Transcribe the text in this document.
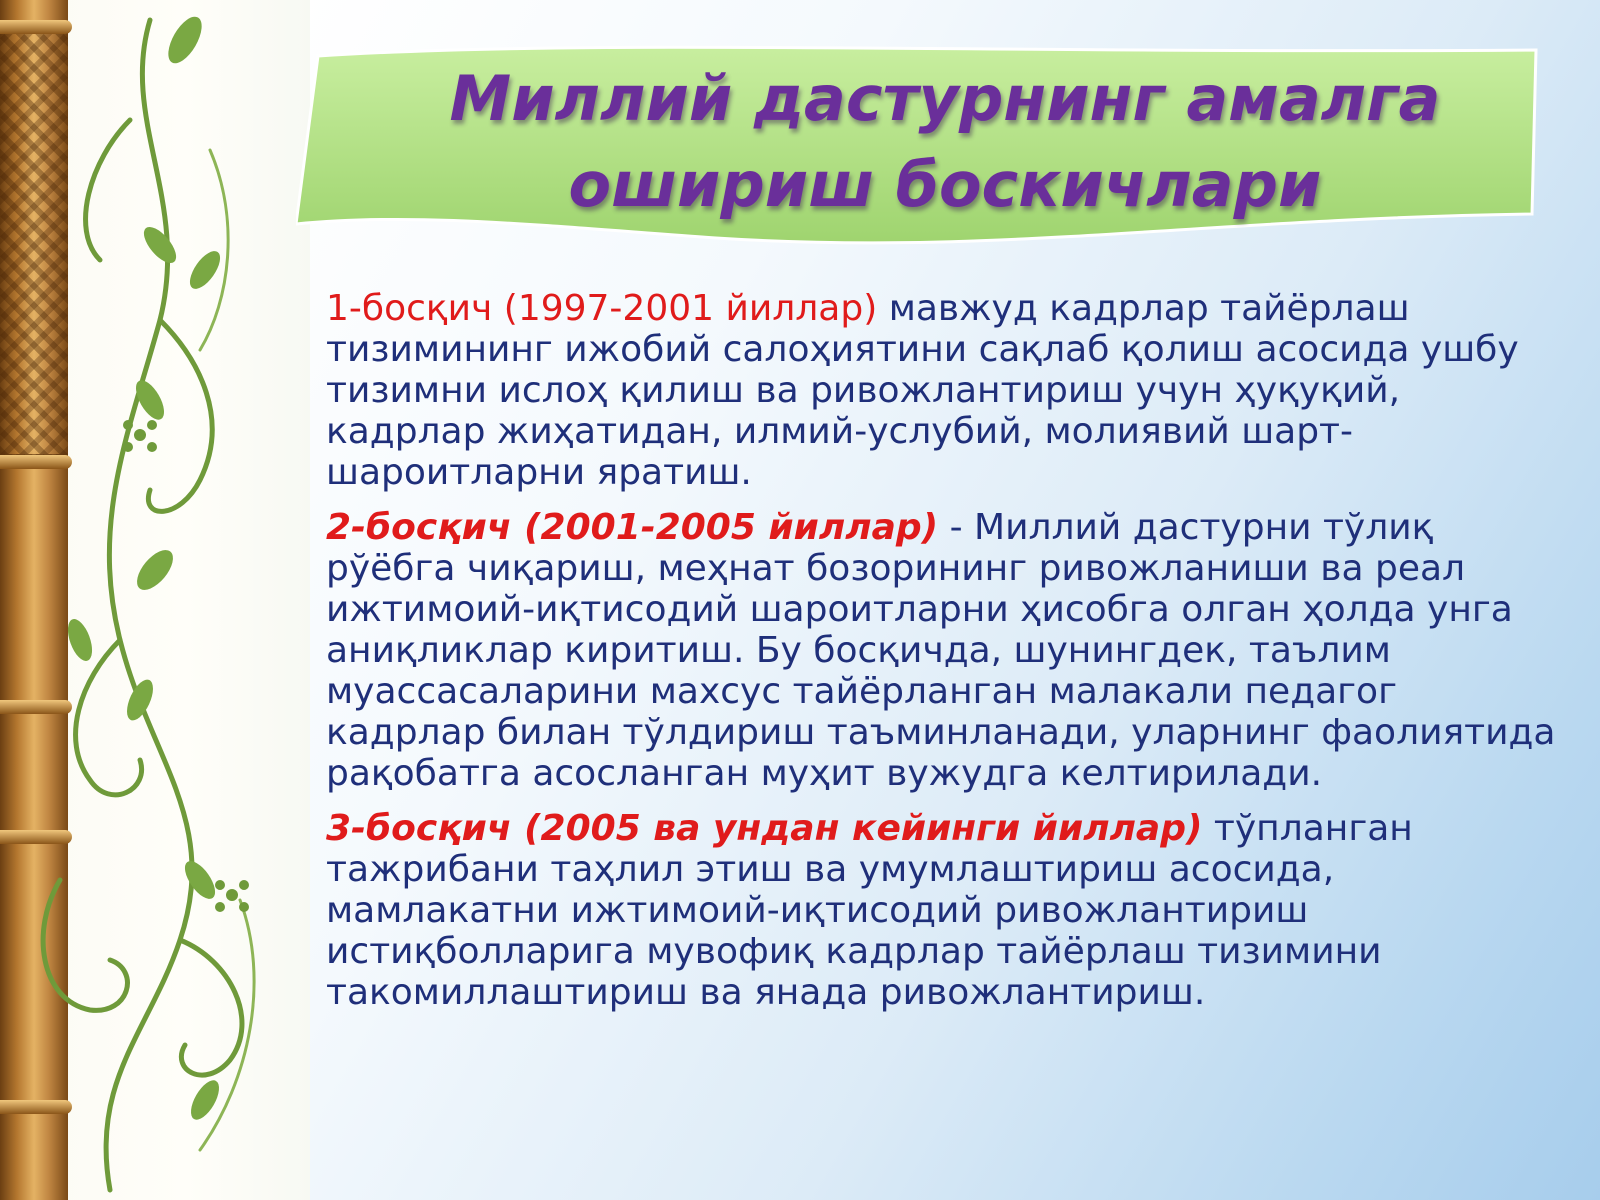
Миллий дастурнинг амалга
ошириш боскичлари

1-босқич (1997-2001 йиллар) мавжуд кадрлар тайёрлаш тизимининг ижобий салоҳиятини сақлаб қолиш асосида ушбу тизимни ислоҳ қилиш ва ривожлантириш учун ҳуқуқий, кадрлар жиҳатидан, илмий-услубий, молиявий шарт-шароитларни яратиш.

2-босқич (2001-2005 йиллар) - Миллий дастурни тўлиқ рўёбга чиқариш, меҳнат бозорининг ривожланиши ва реал ижтимоий-иқтисодий шароитларни ҳисобга олган ҳолда унга аниқликлар киритиш. Бу босқичда, шунингдек, таълим муассасаларини махсус тайёрланган малакали педагог кадрлар билан тўлдириш таъминланади, уларнинг фаолиятида рақобатга асосланган муҳит вужудга келтирилади.

3-босқич (2005 ва ундан кейинги йиллар) тўпланган тажрибани таҳлил этиш ва умумлаштириш асосида, мамлакатни ижтимоий-иқтисодий ривожлантириш истиқболларига мувофиқ кадрлар тайёрлаш тизимини такомиллаштириш ва янада ривожлантириш.
